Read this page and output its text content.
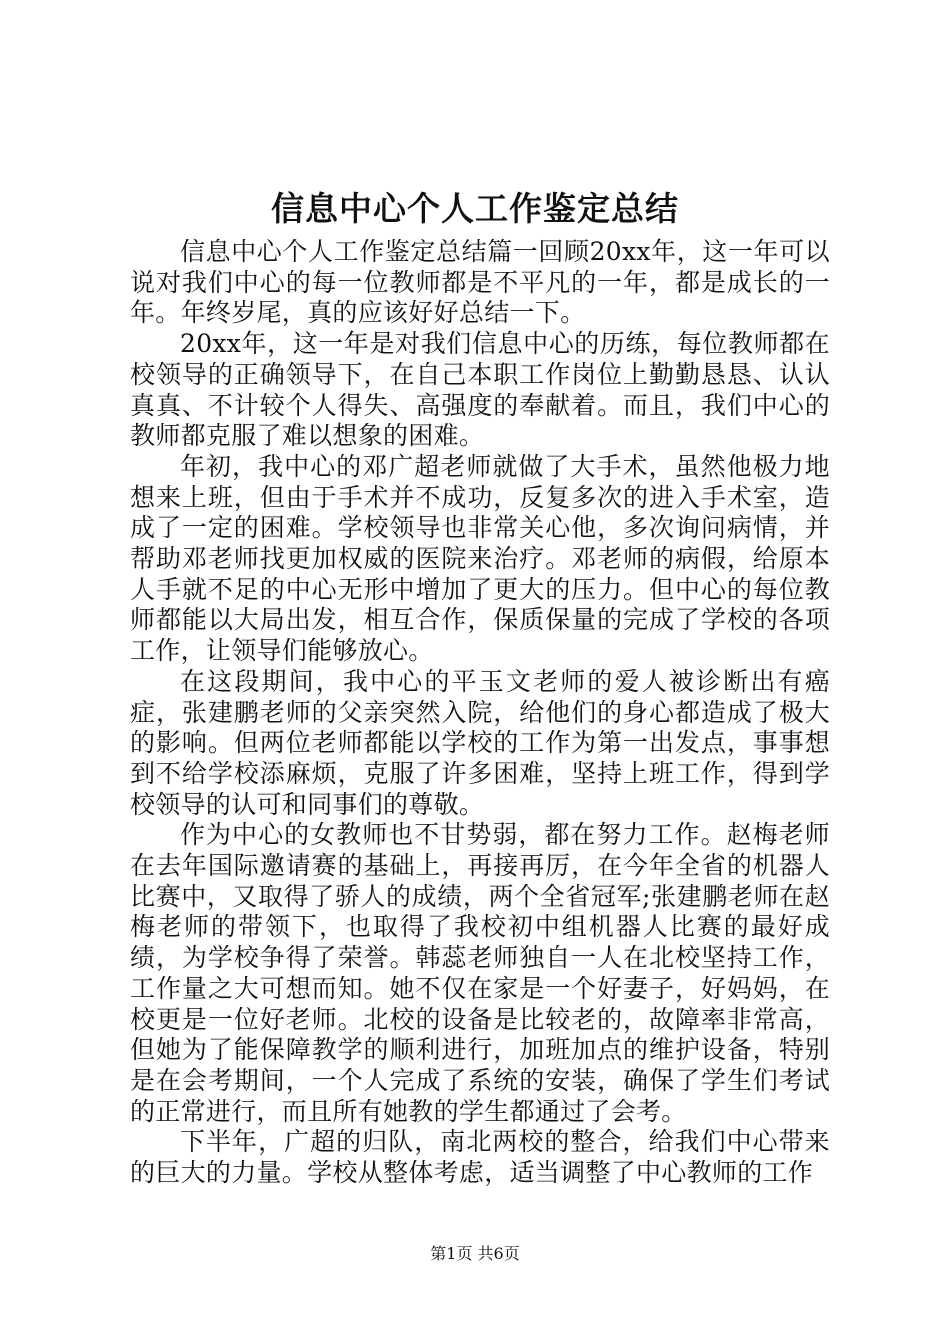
信息中心个人工作鉴定总结

信息中心个人工作鉴定总结篇一回顾20xx年，这一年可以说对我们中心的每一位教师都是不平凡的一年，都是成长的一年。年终岁尾，真的应该好好总结一下。

20xx年，这一年是对我们信息中心的历练，每位教师都在校领导的正确领导下，在自己本职工作岗位上勤勤恳恳、认认真真、不计较个人得失、高强度的奉献着。而且，我们中心的教师都克服了难以想象的困难。

年初，我中心的邓广超老师就做了大手术，虽然他极力地想来上班，但由于手术并不成功，反复多次的进入手术室，造成了一定的困难。学校领导也非常关心他，多次询问病情，并帮助邓老师找更加权威的医院来治疗。邓老师的病假，给原本人手就不足的中心无形中增加了更大的压力。但中心的每位教师都能以大局出发，相互合作，保质保量的完成了学校的各项工作，让领导们能够放心。

在这段期间，我中心的平玉文老师的爱人被诊断出有癌症，张建鹏老师的父亲突然入院，给他们的身心都造成了极大的影响。但两位老师都能以学校的工作为第一出发点，事事想到不给学校添麻烦，克服了许多困难，坚持上班工作，得到学校领导的认可和同事们的尊敬。

作为中心的女教师也不甘势弱，都在努力工作。赵梅老师在去年国际邀请赛的基础上，再接再厉，在今年全省的机器人比赛中，又取得了骄人的成绩，两个全省冠军;张建鹏老师在赵梅老师的带领下，也取得了我校初中组机器人比赛的最好成绩，为学校争得了荣誉。韩蕊老师独自一人在北校坚持工作，工作量之大可想而知。她不仅在家是一个好妻子，好妈妈，在校更是一位好老师。北校的设备是比较老的，故障率非常高，但她为了能保障教学的顺利进行，加班加点的维护设备，特别是在会考期间，一个人完成了系统的安装，确保了学生们考试的正常进行，而且所有她教的学生都通过了会考。

下半年，广超的归队，南北两校的整合，给我们中心带来的巨大的力量。学校从整体考虑，适当调整了中心教师的工作

第1页 共6页
